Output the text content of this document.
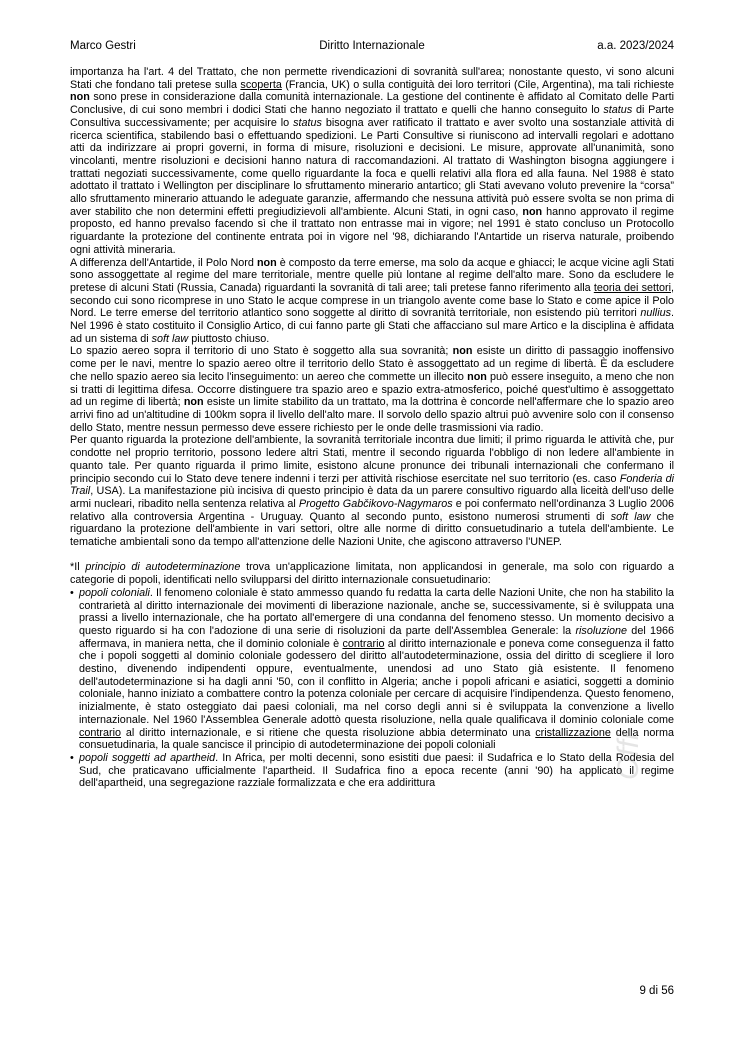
Marco Gestri	Diritto Internazionale	a.a. 2023/2024

importanza ha l'art. 4 del Trattato, che non permette rivendicazioni di sovranità sull'area; nonostante questo, vi sono alcuni Stati che fondano tali pretese sulla scoperta (Francia, UK) o sulla contiguità dei loro territori (Cile, Argentina), ma tali richieste non sono prese in considerazione dalla comunità internazionale. La gestione del continente è affidato al Comitato delle Parti Conclusive, di cui sono membri i dodici Stati che hanno negoziato il trattato e quelli che hanno conseguito lo status di Parte Consultiva successivamente; per acquisire lo status bisogna aver ratificato il trattato e aver svolto una sostanziale attività di ricerca scientifica, stabilendo basi o effettuando spedizioni. Le Parti Consultive si riuniscono ad intervalli regolari e adottano atti da indirizzare ai propri governi, in forma di misure, risoluzioni e decisioni. Le misure, approvate all'unanimità, sono vincolanti, mentre risoluzioni e decisioni hanno natura di raccomandazioni. Al trattato di Washington bisogna aggiungere i trattati negoziati successivamente, come quello riguardante la foca e quelli relativi alla flora ed alla fauna. Nel 1988 è stato adottato il trattato i Wellington per disciplinare lo sfruttamento minerario antartico; gli Stati avevano voluto prevenire la “corsa” allo sfruttamento minerario attuando le adeguate garanzie, affermando che nessuna attività può essere svolta se non prima di aver stabilito che non determini effetti pregiudizievoli all'ambiente. Alcuni Stati, in ogni caso, non hanno approvato il regime proposto, ed hanno prevalso facendo sì che il trattato non entrasse mai in vigore; nel 1991 è stato concluso un Protocollo riguardante la protezione del continente entrata poi in vigore nel '98, dichiarando l'Antartide un riserva naturale, proibendo ogni attività mineraria.

A differenza dell'Antartide, il Polo Nord non è composto da terre emerse, ma solo da acque e ghiacci; le acque vicine agli Stati sono assoggettate al regime del mare territoriale, mentre quelle più lontane al regime dell'alto mare. Sono da escludere le pretese di alcuni Stati (Russia, Canada) riguardanti la sovranità di tali aree; tali pretese fanno riferimento alla teoria dei settori, secondo cui sono ricomprese in uno Stato le acque comprese in un triangolo avente come base lo Stato e come apice il Polo Nord. Le terre emerse del territorio atlantico sono soggette al diritto di sovranità territoriale, non esistendo più territori nullius. Nel 1996 è stato costituito il Consiglio Artico, di cui fanno parte gli Stati che affacciano sul mare Artico e la disciplina è affidata ad un sistema di soft law piuttosto chiuso.

Lo spazio aereo sopra il territorio di uno Stato è soggetto alla sua sovranità; non esiste un diritto di passaggio inoffensivo come per le navi, mentre lo spazio aereo oltre il territorio dello Stato è assoggettato ad un regime di libertà. È da escludere che nello spazio aereo sia lecito l'inseguimento: un aereo che commette un illecito non può essere inseguito, a meno che non si tratti di legittima difesa. Occorre distinguere tra spazio areo e spazio extra-atmosferico, poiché quest'ultimo è assoggettato ad un regime di libertà; non esiste un limite stabilito da un trattato, ma la dottrina è concorde nell'affermare che lo spazio areo arrivi fino ad un'altitudine di 100km sopra il livello dell'alto mare. Il sorvolo dello spazio altrui può avvenire solo con il consenso dello Stato, mentre nessun permesso deve essere richiesto per le onde delle trasmissioni via radio.

Per quanto riguarda la protezione dell'ambiente, la sovranità territoriale incontra due limiti; il primo riguarda le attività che, pur condotte nel proprio territorio, possono ledere altri Stati, mentre il secondo riguarda l'obbligo di non ledere all'ambiente in quanto tale. Per quanto riguarda il primo limite, esistono alcune pronunce dei tribunali internazionali che confermano il principio secondo cui lo Stato deve tenere indenni i terzi per attività rischiose esercitate nel suo territorio (es. caso Fonderia di Trail, USA). La manifestazione più incisiva di questo principio è data da un parere consultivo riguardo alla liceità dell'uso delle armi nucleari, ribadito nella sentenza relativa al Progetto Gabčikovo-Nagymaros e poi confermato nell'ordinanza 3 Luglio 2006 relativo alla controversia Argentina - Uruguay. Quanto al secondo punto, esistono numerosi strumenti di soft law che riguardano la protezione dell'ambiente in vari settori, oltre alle norme di diritto consuetudinario a tutela dell'ambiente. Le tematiche ambientali sono da tempo all'attenzione delle Nazioni Unite, che agiscono attraverso l'UNEP.

*Il principio di autodeterminazione trova un'applicazione limitata, non applicandosi in generale, ma solo con riguardo a categorie di popoli, identificati nello svilupparsi del diritto internazionale consuetudinario:

• popoli coloniali. Il fenomeno coloniale è stato ammesso quando fu redatta la carta delle Nazioni Unite, che non ha stabilito la contrarietà al diritto internazionale dei movimenti di liberazione nazionale, anche se, successivamente, si è sviluppata una prassi a livello internazionale, che ha portato all'emergere di una condanna del fenomeno stesso. Un momento decisivo a questo riguardo si ha con l'adozione di una serie di risoluzioni da parte dell'Assemblea Generale: la risoluzione del 1966 affermava, in maniera netta, che il dominio coloniale è contrario al diritto internazionale e poneva come conseguenza il fatto che i popoli soggetti al dominio coloniale godessero del diritto all'autodeterminazione, ossia del diritto di scegliere il loro destino, divenendo indipendenti oppure, eventualmente, unendosi ad uno Stato già esistente. Il fenomeno dell'autodeterminazione si ha dagli anni '50, con il conflitto in Algeria; anche i popoli africani e asiatici, soggetti a dominio coloniale, hanno iniziato a combattere contro la potenza coloniale per cercare di acquisire l'indipendenza. Questo fenomeno, inizialmente, è stato osteggiato dai paesi coloniali, ma nel corso degli anni si è sviluppata la convenzione a livello internazionale. Nel 1960 l'Assemblea Generale adottò questa risoluzione, nella quale qualificava il dominio coloniale come contrario al diritto internazionale, e si ritiene che questa risoluzione abbia determinato una cristallizzazione della norma consuetudinaria, la quale sancisce il principio di autodeterminazione dei popoli coloniali
• popoli soggetti ad apartheid. In Africa, per molti decenni, sono esistiti due paesi: il Sudafrica e lo Stato della Rodesia del Sud, che praticavano ufficialmente l'apartheid. Il Sudafrica fino a epoca recente (anni '90) ha applicato il regime dell'apartheid, una segregazione razziale formalizzata e che era addirittura
Offi
9 di 56
